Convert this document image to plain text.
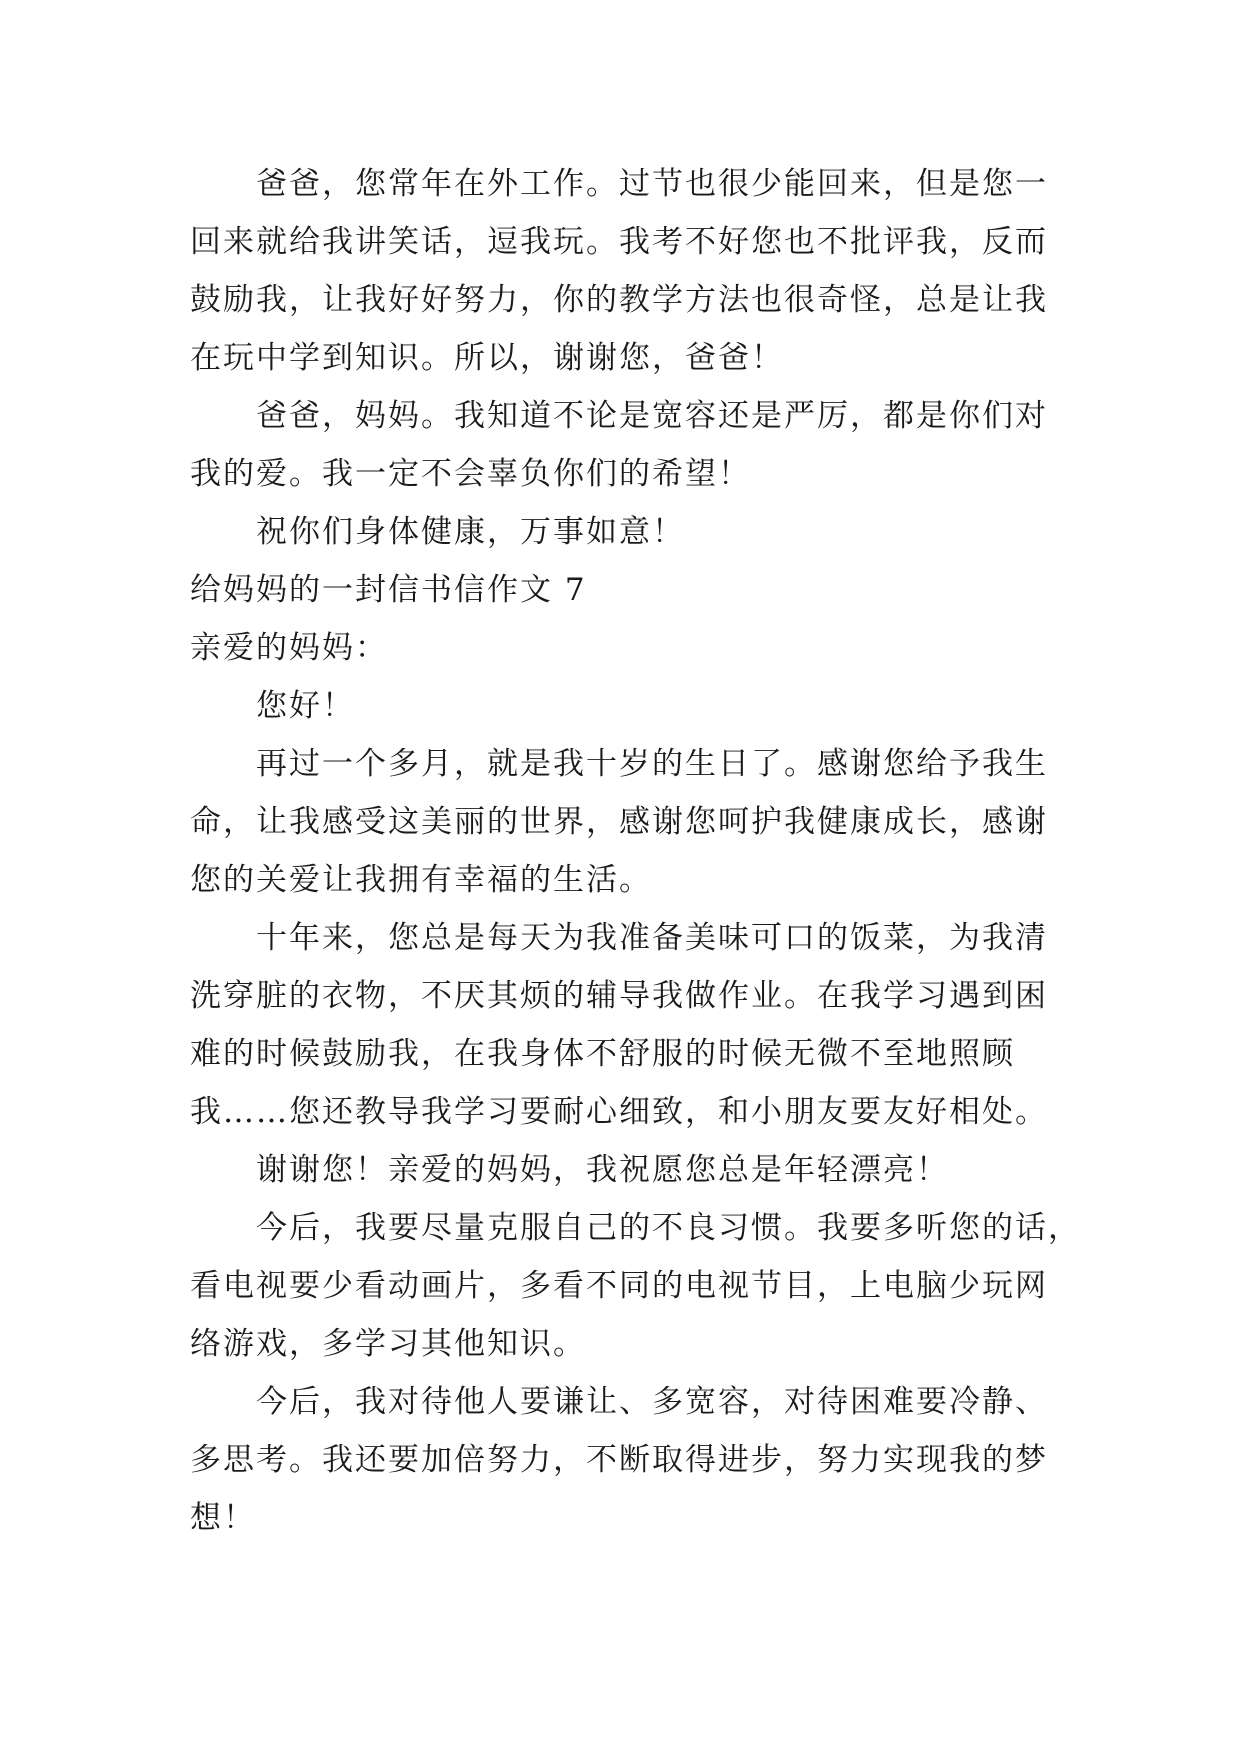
爸爸，您常年在外工作。过节也很少能回来，但是您一
回来就给我讲笑话，逗我玩。我考不好您也不批评我，反而
鼓励我，让我好好努力，你的教学方法也很奇怪，总是让我
在玩中学到知识。所以，谢谢您，爸爸！
爸爸，妈妈。我知道不论是宽容还是严厉，都是你们对
我的爱。我一定不会辜负你们的希望！
祝你们身体健康，万事如意！
给妈妈的一封信书信作文 7
亲爱的妈妈：
您好！
再过一个多月，就是我十岁的生日了。感谢您给予我生
命，让我感受这美丽的世界，感谢您呵护我健康成长，感谢
您的关爱让我拥有幸福的生活。
十年来，您总是每天为我准备美味可口的饭菜，为我清
洗穿脏的衣物，不厌其烦的辅导我做作业。在我学习遇到困
难的时候鼓励我，在我身体不舒服的时候无微不至地照顾
我……您还教导我学习要耐心细致，和小朋友要友好相处。
谢谢您！亲爱的妈妈，我祝愿您总是年轻漂亮！
今后，我要尽量克服自己的不良习惯。我要多听您的话，
看电视要少看动画片，多看不同的电视节目，上电脑少玩网
络游戏，多学习其他知识。
今后，我对待他人要谦让、多宽容，对待困难要冷静、
多思考。我还要加倍努力，不断取得进步，努力实现我的梦
想！
